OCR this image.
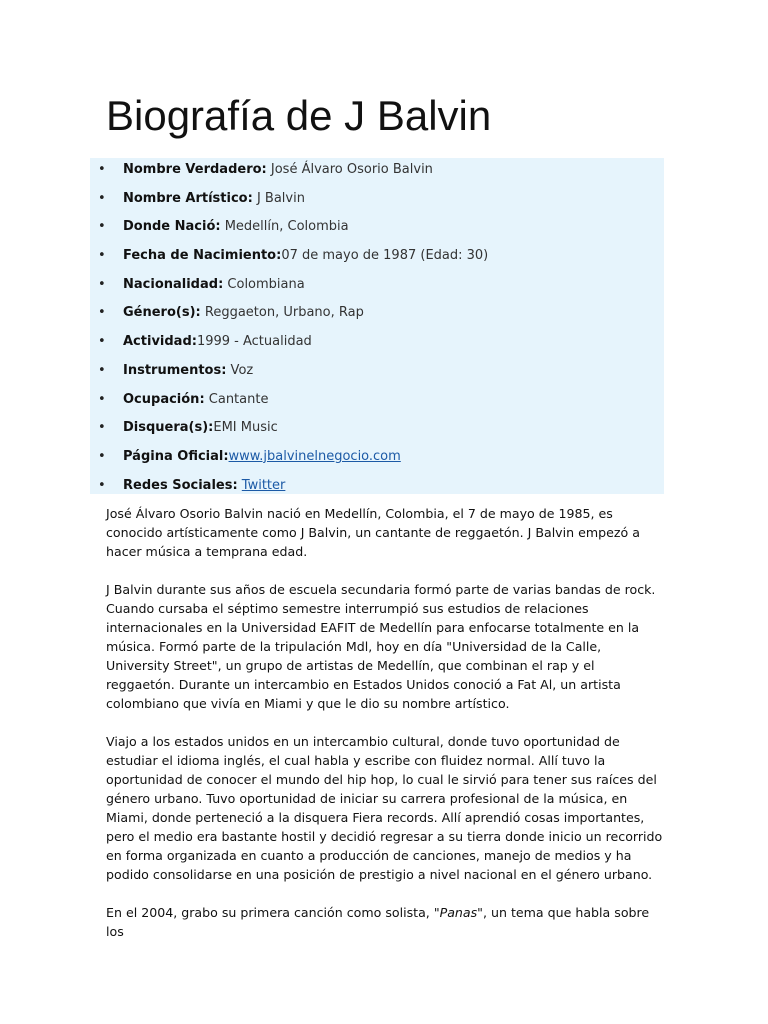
Biografía de J Balvin
• Nombre Verdadero: José Álvaro Osorio Balvin
• Nombre Artístico: J Balvin
• Donde Nació: Medellín, Colombia
• Fecha de Nacimiento:07 de mayo de 1987 (Edad: 30)
• Nacionalidad: Colombiana
• Género(s): Reggaeton, Urbano, Rap
• Actividad:1999 - Actualidad
• Instrumentos: Voz
• Ocupación: Cantante
• Disquera(s):EMI Music
• Página Oficial:www.jbalvinelnegocio.com
• Redes Sociales: Twitter

José Álvaro Osorio Balvin nació en Medellín, Colombia, el 7 de mayo de 1985, es conocido artísticamente como J Balvin, un cantante de reggaetón. J Balvin empezó a hacer música a temprana edad.

J Balvin durante sus años de escuela secundaria formó parte de varias bandas de rock. Cuando cursaba el séptimo semestre interrumpió sus estudios de relaciones internacionales en la Universidad EAFIT de Medellín para enfocarse totalmente en la música. Formó parte de la tripulación Mdl, hoy en día "Universidad de la Calle, University Street", un grupo de artistas de Medellín, que combinan el rap y el reggaetón. Durante un intercambio en Estados Unidos conoció a Fat Al, un artista colombiano que vivía en Miami y que le dio su nombre artístico.

Viajo a los estados unidos en un intercambio cultural, donde tuvo oportunidad de estudiar el idioma inglés, el cual habla y escribe con fluidez normal. Allí tuvo la oportunidad de conocer el mundo del hip hop, lo cual le sirvió para tener sus raíces del género urbano. Tuvo oportunidad de iniciar su carrera profesional de la música, en Miami, donde perteneció a la disquera Fiera records. Allí aprendió cosas importantes, pero el medio era bastante hostil y decidió regresar a su tierra donde inicio un recorrido en forma organizada en cuanto a producción de canciones, manejo de medios y ha podido consolidarse en una posición de prestigio a nivel nacional en el género urbano.

En el 2004, grabo su primera canción como solista, "Panas", un tema que habla sobre los
